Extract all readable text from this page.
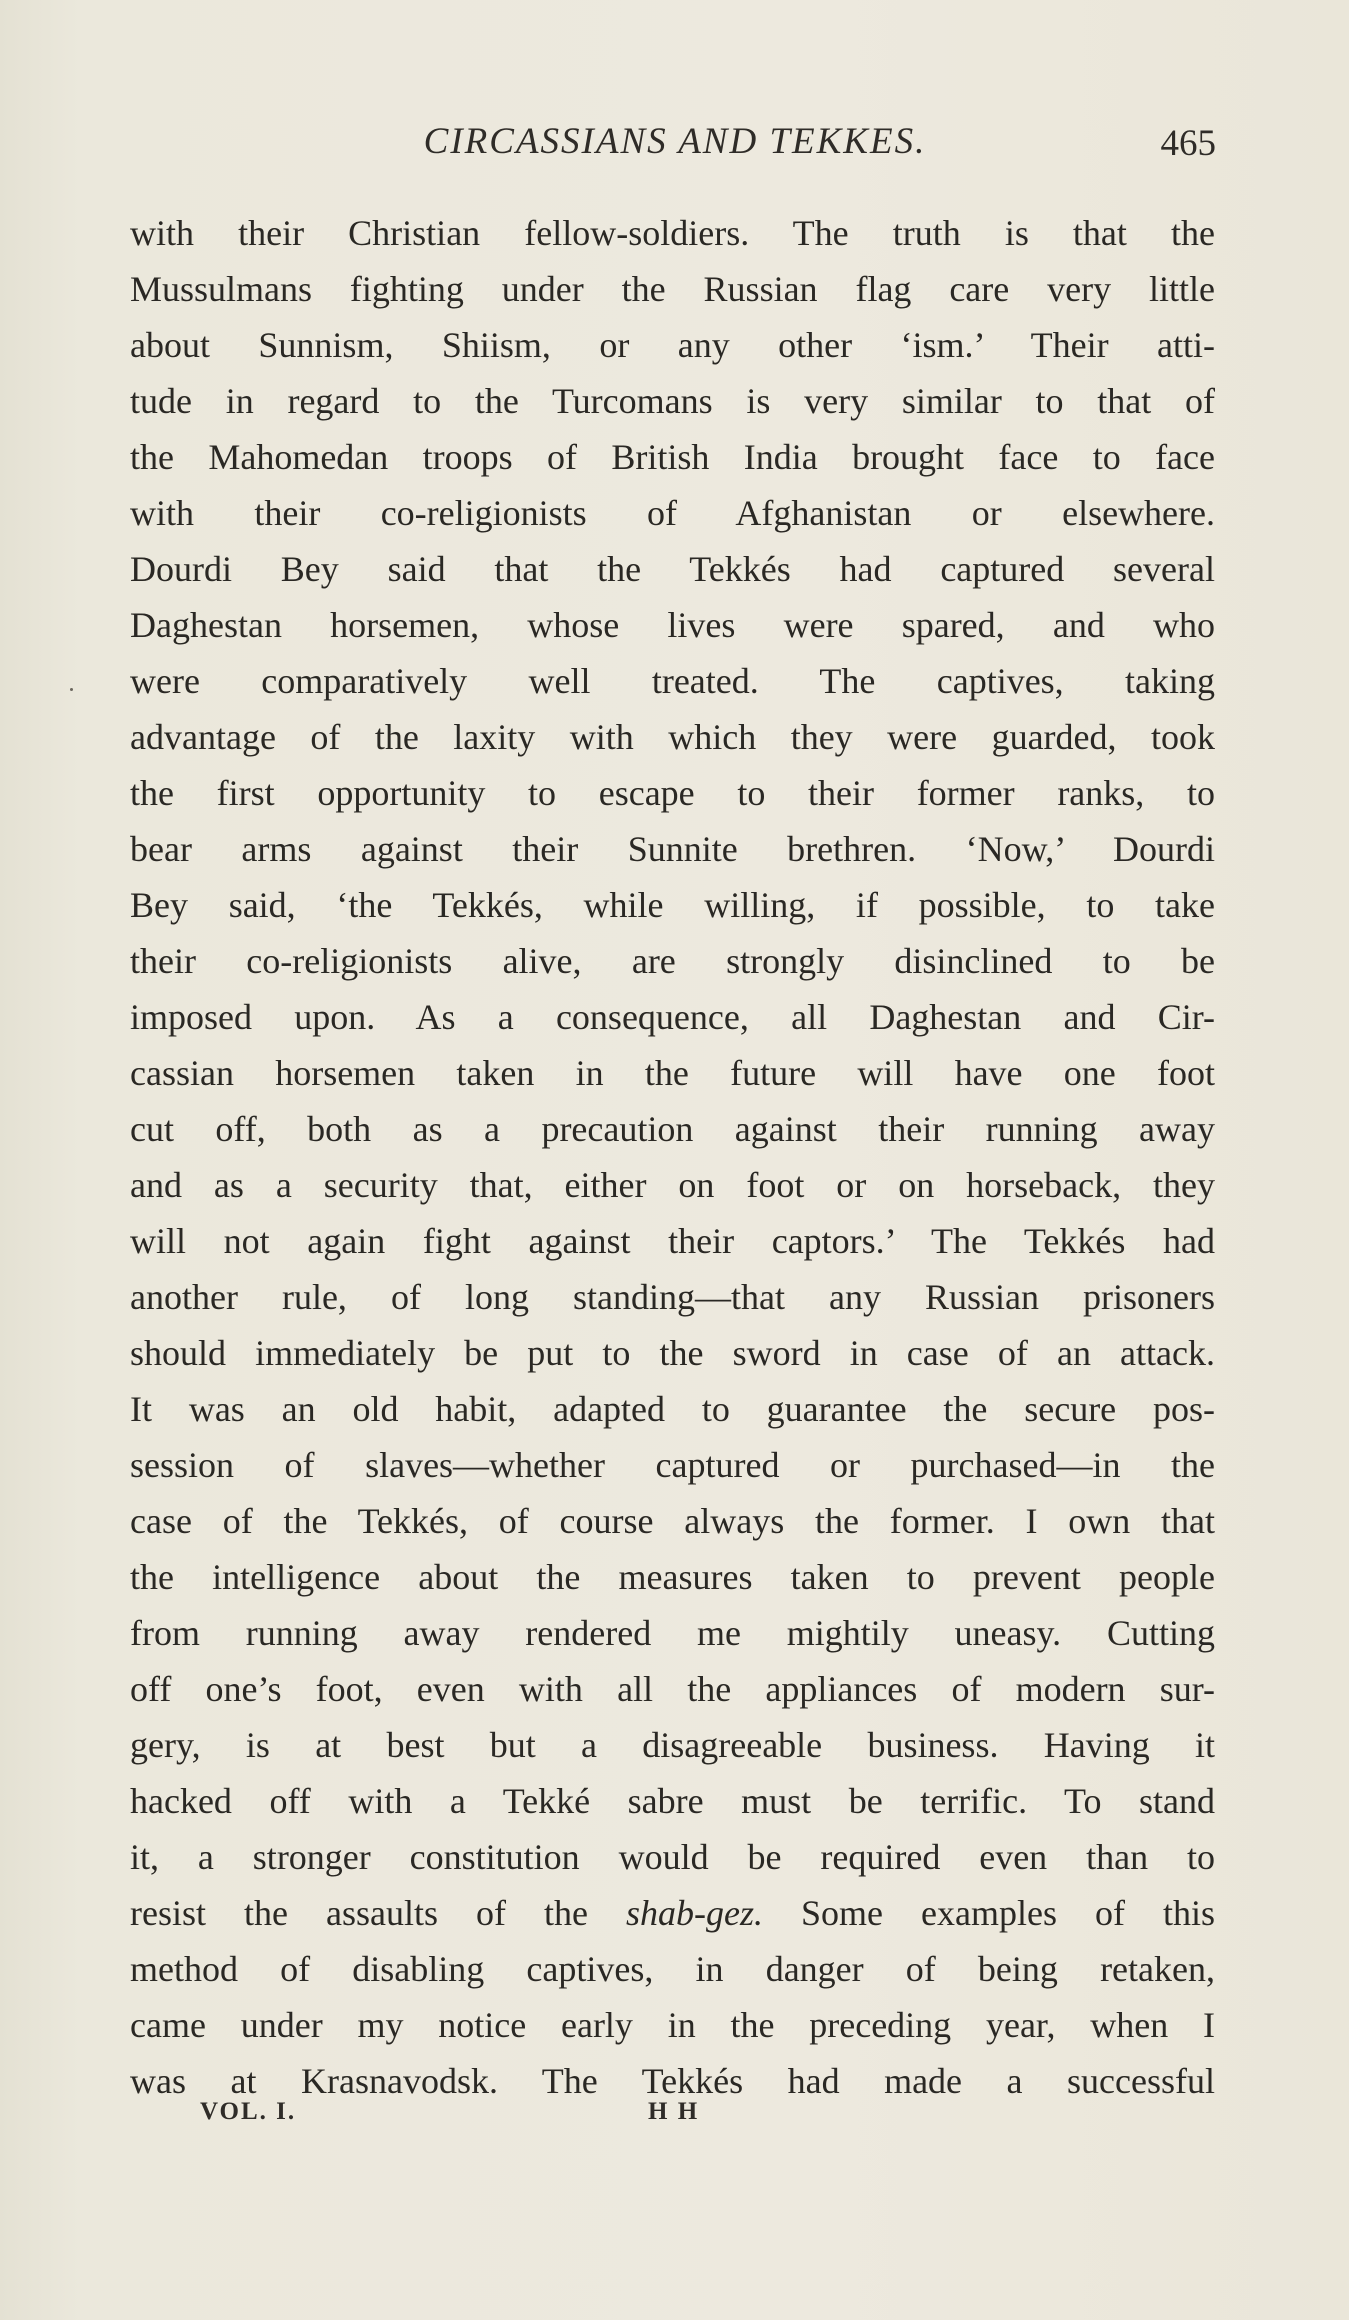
CIRCASSIANS AND TEKKES.	465
with their Christian fellow-soldiers. The truth is that the
Mussulmans fighting under the Russian flag care very little
about Sunnism, Shiism, or any other ‘ism.’ Their atti-
tude in regard to the Turcomans is very similar to that of
the Mahomedan troops of British India brought face to face
with their co-religionists of Afghanistan or elsewhere.
Dourdi Bey said that the Tekkés had captured several
Daghestan horsemen, whose lives were spared, and who
were comparatively well treated. The captives, taking
advantage of the laxity with which they were guarded, took
the first opportunity to escape to their former ranks, to
bear arms against their Sunnite brethren. ‘Now,’ Dourdi
Bey said, ‘the Tekkés, while willing, if possible, to take
their co-religionists alive, are strongly disinclined to be
imposed upon. As a consequence, all Daghestan and Cir-
cassian horsemen taken in the future will have one foot
cut off, both as a precaution against their running away
and as a security that, either on foot or on horseback, they
will not again fight against their captors.’ The Tekkés had
another rule, of long standing—that any Russian prisoners
should immediately be put to the sword in case of an attack.
It was an old habit, adapted to guarantee the secure pos-
session of slaves—whether captured or purchased—in the
case of the Tekkés, of course always the former. I own that
the intelligence about the measures taken to prevent people
from running away rendered me mightily uneasy. Cutting
off one’s foot, even with all the appliances of modern sur-
gery, is at best but a disagreeable business. Having it
hacked off with a Tekké sabre must be terrific. To stand
it, a stronger constitution would be required even than to
resist the assaults of the shab-gez. Some examples of this
method of disabling captives, in danger of being retaken,
came under my notice early in the preceding year, when I
was at Krasnavodsk. The Tekkés had made a successful
VOL. I.	H H
